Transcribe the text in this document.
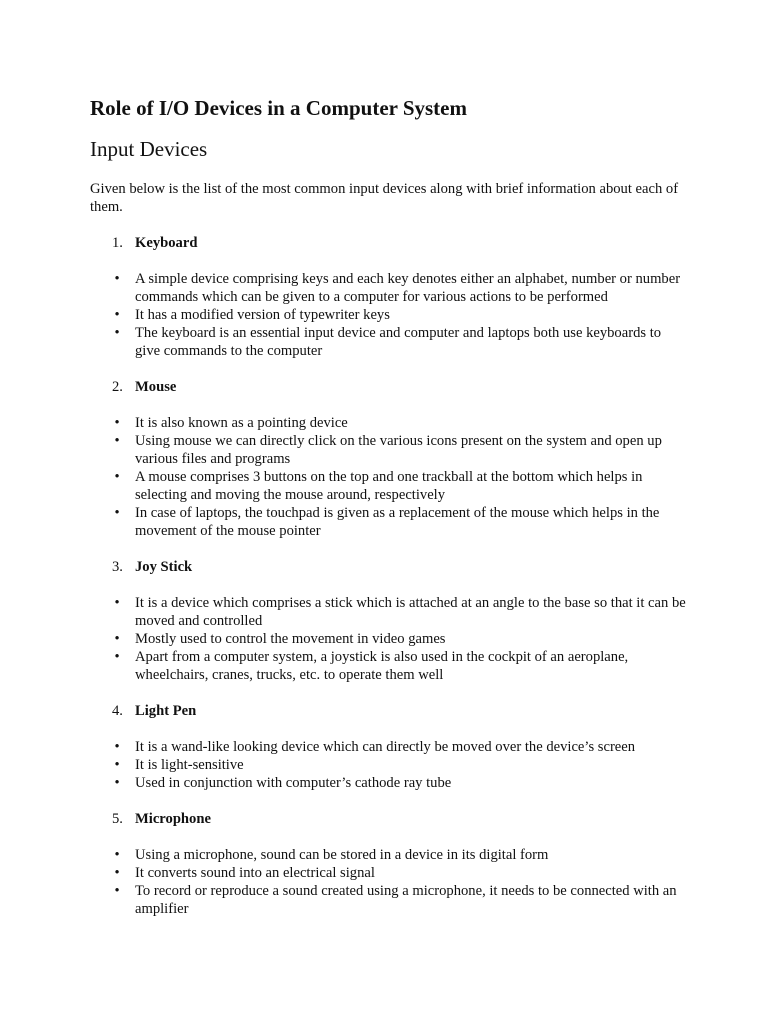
Role of I/O Devices in a Computer System
Input Devices

Given below is the list of the most common input devices along with brief information about each of them.

1. Keyboard
• A simple device comprising keys and each key denotes either an alphabet, number or number commands which can be given to a computer for various actions to be performed
• It has a modified version of typewriter keys
• The keyboard is an essential input device and computer and laptops both use keyboards to give commands to the computer
2. Mouse
• It is also known as a pointing device
• Using mouse we can directly click on the various icons present on the system and open up various files and programs
• A mouse comprises 3 buttons on the top and one trackball at the bottom which helps in selecting and moving the mouse around, respectively
• In case of laptops, the touchpad is given as a replacement of the mouse which helps in the movement of the mouse pointer
3. Joy Stick
• It is a device which comprises a stick which is attached at an angle to the base so that it can be moved and controlled
• Mostly used to control the movement in video games
• Apart from a computer system, a joystick is also used in the cockpit of an aeroplane, wheelchairs, cranes, trucks, etc. to operate them well
4. Light Pen
• It is a wand-like looking device which can directly be moved over the device’s screen
• It is light-sensitive
• Used in conjunction with computer’s cathode ray tube
5. Microphone
• Using a microphone, sound can be stored in a device in its digital form
• It converts sound into an electrical signal
• To record or reproduce a sound created using a microphone, it needs to be connected with an amplifier
